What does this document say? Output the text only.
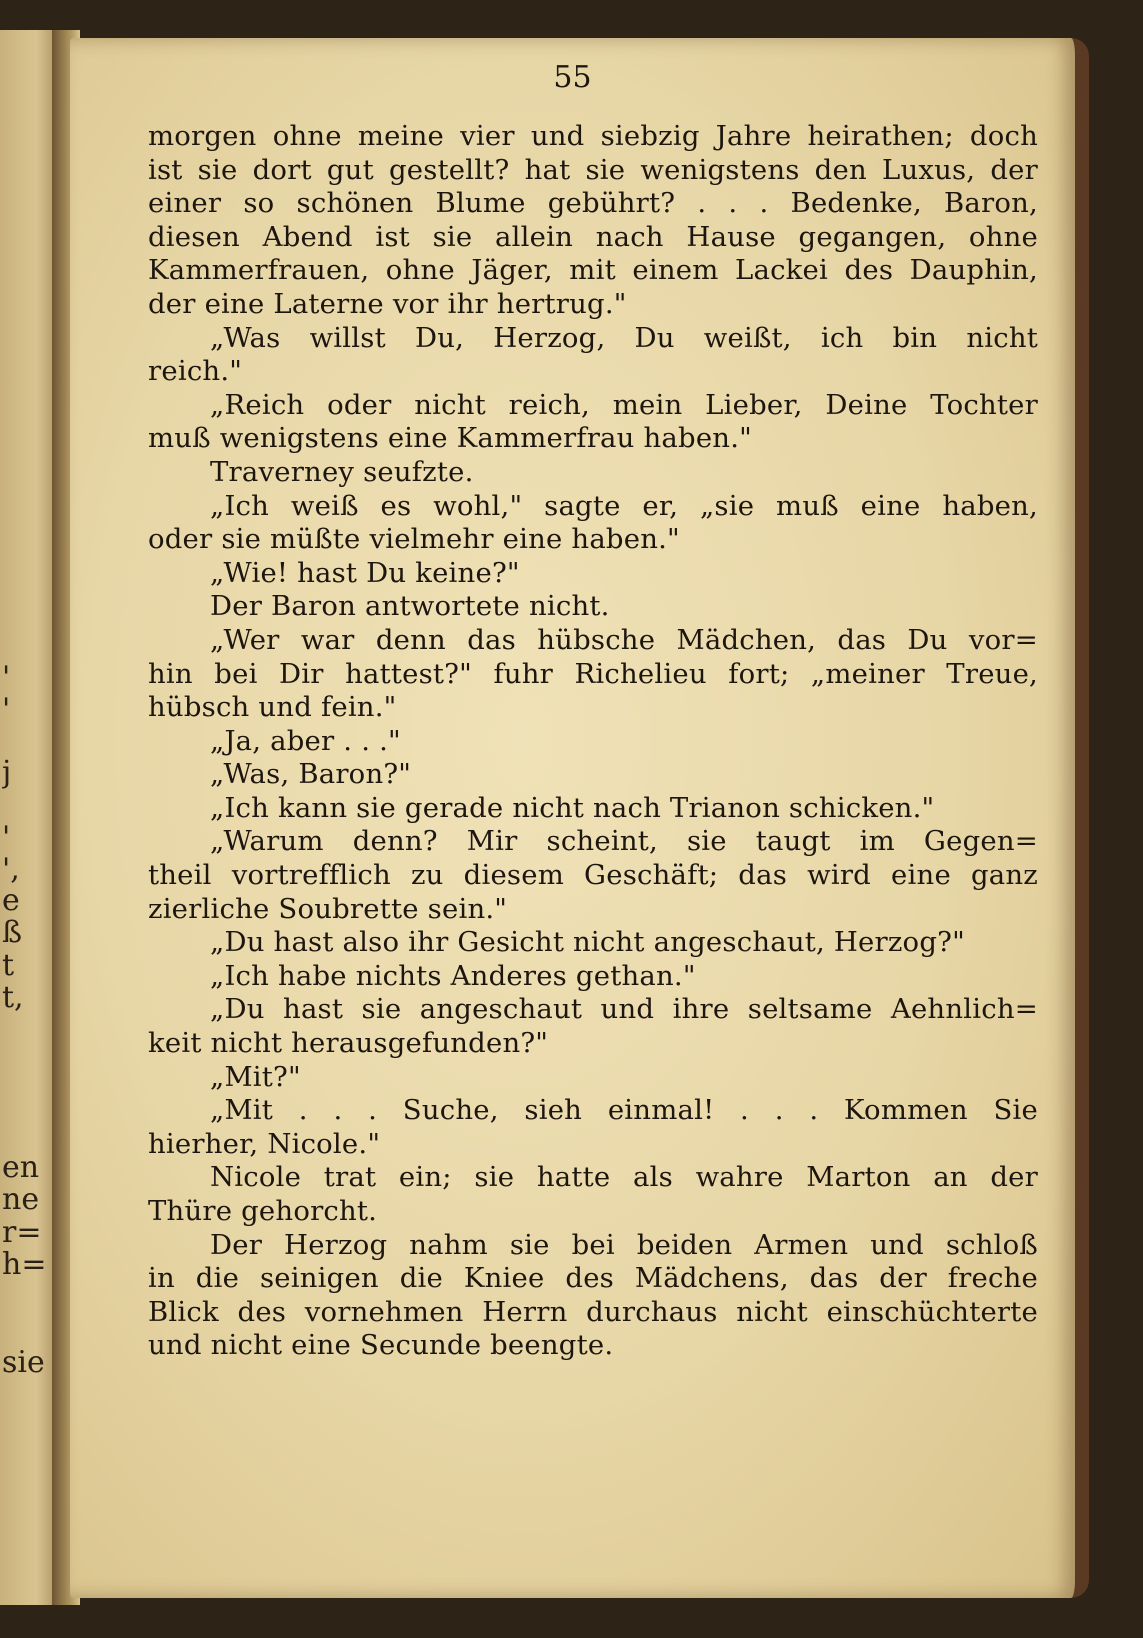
'
'
j
'
',
e
ß
t
t,
en
ne
r=
h=
sie
55
morgen ohne meine vier und siebzig Jahre heirathen; doch
ist sie dort gut gestellt? hat sie wenigstens den Luxus, der
einer so schönen Blume gebührt? . . . Bedenke, Baron,
diesen Abend ist sie allein nach Hause gegangen, ohne
Kammerfrauen, ohne Jäger, mit einem Lackei des Dauphin,
der eine Laterne vor ihr hertrug."
„Was willst Du, Herzog, Du weißt, ich bin nicht
reich."
„Reich oder nicht reich, mein Lieber, Deine Tochter
muß wenigstens eine Kammerfrau haben."
Traverney seufzte.
„Ich weiß es wohl," sagte er, „sie muß eine haben,
oder sie müßte vielmehr eine haben."
„Wie! hast Du keine?"
Der Baron antwortete nicht.
„Wer war denn das hübsche Mädchen, das Du vor=
hin bei Dir hattest?" fuhr Richelieu fort; „meiner Treue,
hübsch und fein."
„Ja, aber . . ."
„Was, Baron?"
„Ich kann sie gerade nicht nach Trianon schicken."
„Warum denn? Mir scheint, sie taugt im Gegen=
theil vortrefflich zu diesem Geschäft; das wird eine ganz
zierliche Soubrette sein."
„Du hast also ihr Gesicht nicht angeschaut, Herzog?"
„Ich habe nichts Anderes gethan."
„Du hast sie angeschaut und ihre seltsame Aehnlich=
keit nicht herausgefunden?"
„Mit?"
„Mit . . . Suche, sieh einmal! . . . Kommen Sie
hierher, Nicole."
Nicole trat ein; sie hatte als wahre Marton an der
Thüre gehorcht.
Der Herzog nahm sie bei beiden Armen und schloß
in die seinigen die Kniee des Mädchens, das der freche
Blick des vornehmen Herrn durchaus nicht einschüchterte
und nicht eine Secunde beengte.
